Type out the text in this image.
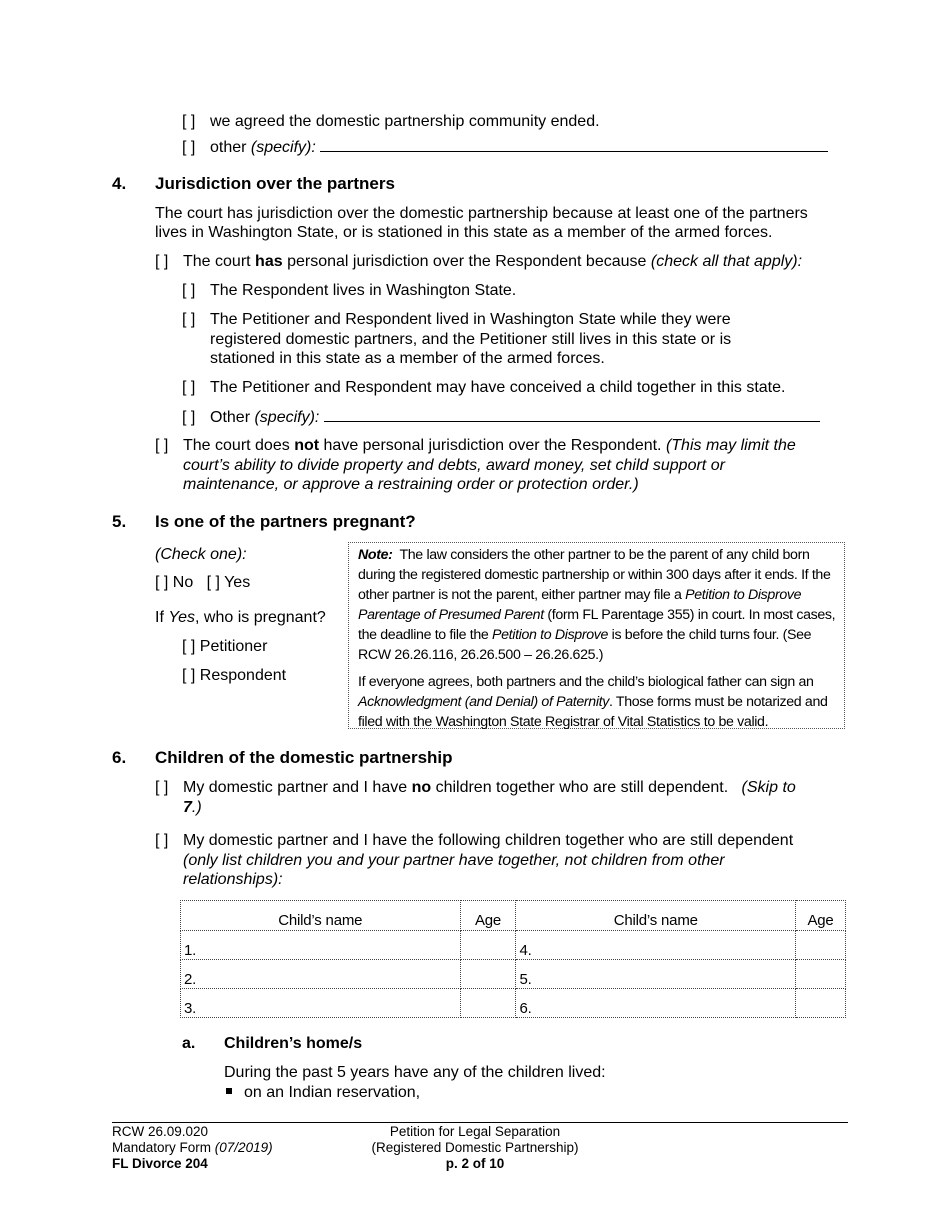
[ ] we agreed the domestic partnership community ended.
[ ] other (specify):
4. Jurisdiction over the partners
The court has jurisdiction over the domestic partnership because at least one of the partners
lives in Washington State, or is stationed in this state as a member of the armed forces.
[ ] The court has personal jurisdiction over the Respondent because (check all that apply):
[ ] The Respondent lives in Washington State.
[ ] The Petitioner and Respondent lived in Washington State while they were
registered domestic partners, and the Petitioner still lives in this state or is
stationed in this state as a member of the armed forces.
[ ] The Petitioner and Respondent may have conceived a child together in this state.
[ ] Other (specify):
[ ] The court does not have personal jurisdiction over the Respondent. (This may limit the
court’s ability to divide property and debts, award money, set child support or
maintenance, or approve a restraining order or protection order.)
5. Is one of the partners pregnant?
(Check one):
[ ] No [ ] Yes
If Yes, who is pregnant?
[ ] Petitioner
[ ] Respondent

Note: The law considers the other partner to be the parent of any child born during the registered domestic partnership or within 300 days after it ends. If the other partner is not the parent, either partner may file a Petition to Disprove Parentage of Presumed Parent (form FL Parentage 355) in court. In most cases, the deadline to file the Petition to Disprove is before the child turns four. (See RCW 26.26.116, 26.26.500 – 26.26.625.)

If everyone agrees, both partners and the child’s biological father can sign an Acknowledgment (and Denial) of Paternity. Those forms must be notarized and filed with the Washington State Registrar of Vital Statistics to be valid.

6. Children of the domestic partnership
[ ] My domestic partner and I have no children together who are still dependent. (Skip to
7.)
[ ] My domestic partner and I have the following children together who are still dependent
(only list children you and your partner have together, not children from other
relationships):
Child’s name	Age	Child’s name	Age
1.		4.	
2.		5.	
3.		6.	
a. Children’s home/s
During the past 5 years have any of the children lived:
on an Indian reservation,
RCW 26.09.020
Mandatory Form (07/2019)
FL Divorce 204
Petition for Legal Separation
(Registered Domestic Partnership)
p. 2 of 10
